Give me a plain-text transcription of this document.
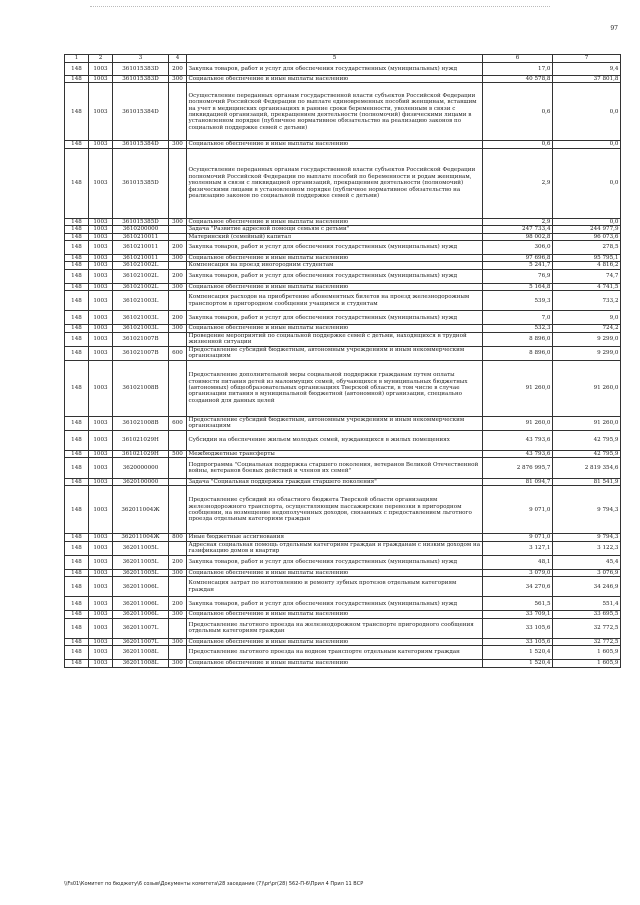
97
1	2	3	4	5	6	7
148	1003	361015383D	200	Закупка товаров, работ и услуг для обеспечения государственных (муниципальных) нужд	17,0	9,4
148	1003	361015383D	300	Социальное обеспечение и иные выплаты населению	40 578,8	37 801,8
148	1003	361015384D		Осуществление переданных органам государственной власти субъектов Российской Федерации полномочий Российской Федерации по выплате единовременных пособий женщинам, вставшим на учет в медицинских организациях в ранние сроки беременности, уволенным в связи с ликвидацией организаций, прекращением деятельности (полномочий) физическими лицами в установленном порядке (публичное нормативное обязательство на реализацию законов по социальной поддержке семей с детьми)	0,6	0,0
148	1003	361015384D	300	Социальное обеспечение и иные выплаты населению	0,6	0,0
148	1003	361015385D		Осуществление переданных органам государственной власти субъектов Российской Федерации полномочий Российской Федерации по выплате пособий по беременности и родам женщинам, уволенным в связи с ликвидацией организаций, прекращением деятельности (полномочий) физическими лицами в установленном порядке (публичное нормативное обязательство на реализацию законов по социальной поддержке семей с детьми)	2,9	0,0
148	1003	361015385D	300	Социальное обеспечение и иные выплаты населению	2,9	0,0
148	1003	3610200000		Задача "Развитие адресной помощи семьям с детьми"	247 733,4	244 977,9
148	1003	3610210011		Материнский (семейный) капитал	98 002,8	96 073,6
148	1003	3610210011	200	Закупка товаров, работ и услуг для обеспечения государственных (муниципальных) нужд	306,0	278,5
148	1003	3610210011	300	Социальное обеспечение и иные выплаты населению	97 696,8	95 795,1
148	1003	361021002L		Компенсация на проезд иногородним студентам	5 241,7	4 816,2
148	1003	361021002L	200	Закупка товаров, работ и услуг для обеспечения государственных (муниципальных) нужд	76,9	74,7
148	1003	361021002L	300	Социальное обеспечение и иные выплаты населению	5 164,8	4 741,5
148	1003	361021003L		Компенсация расходов на приобретение абонементных билетов на проезд железнодорожным транспортом в пригородном сообщении учащимся и студентам	539,3	733,2
148	1003	361021003L	200	Закупка товаров, работ и услуг для обеспечения государственных (муниципальных) нужд	7,0	9,0
148	1003	361021003L	300	Социальное обеспечение и иные выплаты населению	532,3	724,2
148	1003	361021007B		Проведение мероприятий по социальной поддержке семей с детьми, находящихся в трудной жизненной ситуации	8 896,0	9 299,0
148	1003	361021007B	600	Предоставление субсидий бюджетным, автономным учреждениям и иным некоммерческим организациям	8 896,0	9 299,0
148	1003	361021008B		Предоставление дополнительной меры социальной поддержки гражданам путем оплаты стоимости питания детей из малоимущих семей, обучающихся в муниципальных бюджетных (автономных) общеобразовательных организациях Тверской области, в том числе в случае организации питания в муниципальной бюджетной (автономной) организации, специально созданной для данных целей	91 260,0	91 260,0
148	1003	361021008B	600	Предоставление субсидий бюджетным, автономным учреждениям и иным некоммерческим организациям	91 260,0	91 260,0
148	1003	361021029H		Субсидии на обеспечение жильем молодых семей, нуждающихся в жилых помещениях	43 793,6	42 795,9
148	1003	361021029H	500	Межбюджетные трансферты	43 793,6	42 795,9
148	1003	3620000000		Подпрограмма "Социальная поддержка старшего поколения, ветеранов Великой Отечественной войны, ветеранов боевых действий и членов их семей"	2 876 995,7	2 819 354,6
148	1003	3620100000		Задача "Социальная поддержка граждан старшего поколения"	81 094,7	81 541,9
148	1003	362011004Ж		Предоставление субсидий из областного бюджета Тверской области организациям железнодорожного транспорта, осуществляющим пассажирские перевозки в пригородном сообщении, на возмещение недополученных доходов, связанных с предоставлением льготного проезда отдельным категориям граждан	9 071,0	9 794,3
148	1003	362011004Ж	800	Иные бюджетные ассигнования	9 071,0	9 794,3
148	1003	362011005L		Адресная социальная помощь отдельным категориям граждан и гражданам с низким доходом на газификацию домов и квартир	3 127,1	3 122,3
148	1003	362011005L	200	Закупка товаров, работ и услуг для обеспечения государственных (муниципальных) нужд	48,1	45,4
148	1003	362011005L	300	Социальное обеспечение и иные выплаты населению	3 079,0	3 076,9
148	1003	362011006L		Компенсация затрат по изготовлению и ремонту зубных протезов отдельным категориям граждан	34 270,6	34 246,9
148	1003	362011006L	200	Закупка товаров, работ и услуг для обеспечения государственных (муниципальных) нужд	561,5	551,4
148	1003	362011006L	300	Социальное обеспечение и иные выплаты населению	33 709,1	33 695,5
148	1003	362011007L		Предоставление льготного проезда на железнодорожном транспорте пригородного сообщения отдельным категориям граждан	33 105,6	32 772,5
148	1003	362011007L	300	Социальное обеспечение и иные выплаты населению	33 105,6	32 772,5
148	1003	362011008L		Предоставление льготного проезда на водном транспорте отдельным категориям граждан	1 520,4	1 605,9
148	1003	362011008L	300	Социальное обеспечение и иные выплаты населению	1 520,4	1 605,9
\\Fs01\Комитет по бюджету\6 созыв\Документы комитета\28 заседание (7)\pr\pr(28) 562-П-6\Прил 4 Прил 11 ВСР
